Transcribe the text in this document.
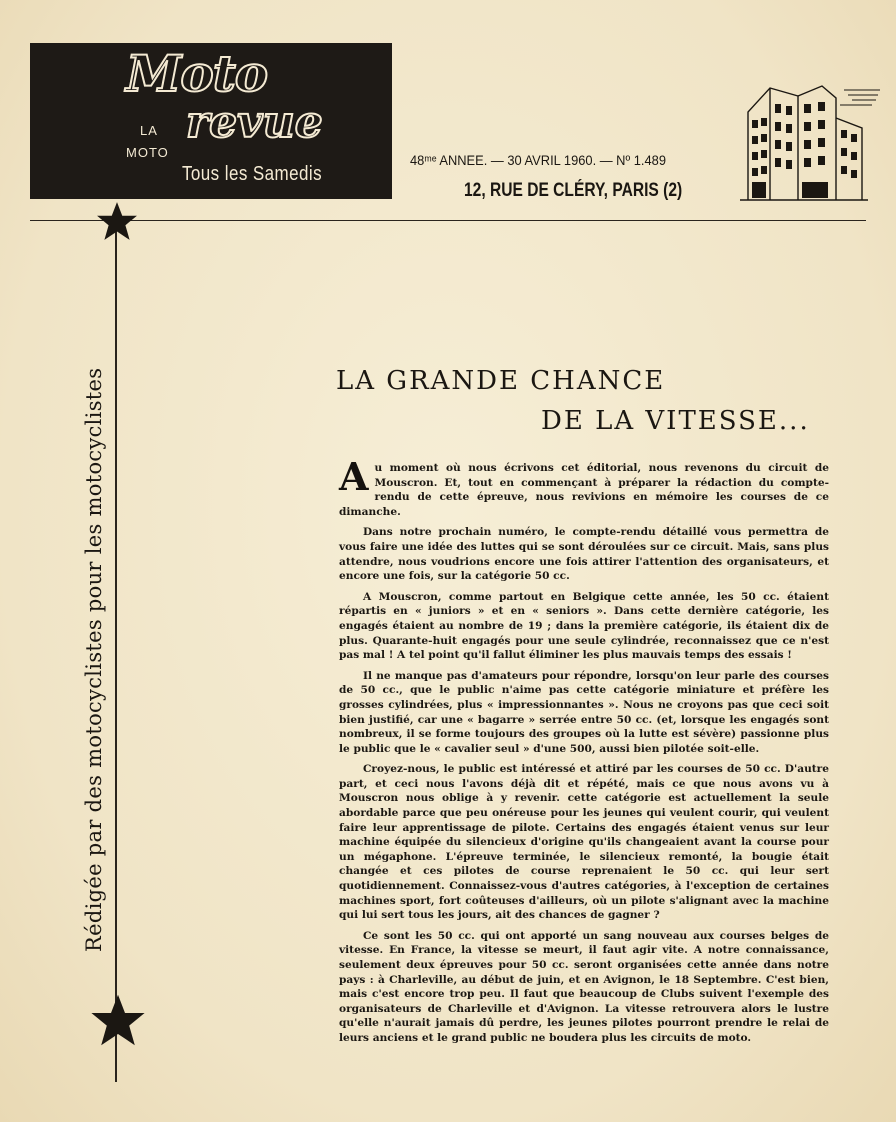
Moto
LA revue
MOTO
Tous les Samedis
48ᵐᵉ ANNEE. — 30 AVRIL 1960. — Nº 1.489
12, RUE DE CLÉRY, PARIS (2)
Rédigée par des motocyclistes pour les motocyclistes	LA GRANDE CHANCE
DE LA VITESSE...

Au moment où nous écrivons cet éditorial, nous revenons du circuit de Mouscron. Et, tout en commençant à préparer la rédaction du compte-rendu de cette épreuve, nous revivions en mémoire les courses de ce dimanche.

Dans notre prochain numéro, le compte-rendu détaillé vous permettra de vous faire une idée des luttes qui se sont déroulées sur ce circuit. Mais, sans plus attendre, nous voudrions encore une fois attirer l'attention des organisateurs, et encore une fois, sur la catégorie 50 cc.

A Mouscron, comme partout en Belgique cette année, les 50 cc. étaient répartis en « juniors » et en « seniors ». Dans cette dernière catégorie, les engagés étaient au nombre de 19 ; dans la première catégorie, ils étaient dix de plus. Quarante-huit engagés pour une seule cylindrée, reconnaissez que ce n'est pas mal ! A tel point qu'il fallut éliminer les plus mauvais temps des essais !

Il ne manque pas d'amateurs pour répondre, lorsqu'on leur parle des courses de 50 cc., que le public n'aime pas cette catégorie miniature et préfère les grosses cylindrées, plus « impressionnantes ». Nous ne croyons pas que ceci soit bien justifié, car une « bagarre » serrée entre 50 cc. (et, lorsque les engagés sont nombreux, il se forme toujours des groupes où la lutte est sévère) passionne plus le public que le « cavalier seul » d'une 500, aussi bien pilotée soit-elle.

Croyez-nous, le public est intéressé et attiré par les courses de 50 cc. D'autre part, et ceci nous l'avons déjà dit et répété, mais ce que nous avons vu à Mouscron nous oblige à y revenir. cette catégorie est actuellement la seule abordable parce que peu onéreuse pour les jeunes qui veulent courir, qui veulent faire leur apprentissage de pilote. Certains des engagés étaient venus sur leur machine équipée du silencieux d'origine qu'ils changeaient avant la course pour un mégaphone. L'épreuve terminée, le silencieux remonté, la bougie était changée et ces pilotes de course reprenaient le 50 cc. qui leur sert quotidiennement. Connaissez-vous d'autres catégories, à l'exception de certaines machines sport, fort coûteuses d'ailleurs, où un pilote s'alignant avec la machine qui lui sert tous les jours, ait des chances de gagner ?

Ce sont les 50 cc. qui ont apporté un sang nouveau aux courses belges de vitesse. En France, la vitesse se meurt, il faut agir vite. A notre connaissance, seulement deux épreuves pour 50 cc. seront organisées cette année dans notre pays : à Charleville, au début de juin, et en Avignon, le 18 Septembre. C'est bien, mais c'est encore trop peu. Il faut que beaucoup de Clubs suivent l'exemple des organisateurs de Charleville et d'Avignon. La vitesse retrouvera alors le lustre qu'elle n'aurait jamais dû perdre, les jeunes pilotes pourront prendre le relai de leurs anciens et le grand public ne boudera plus les circuits de moto.
